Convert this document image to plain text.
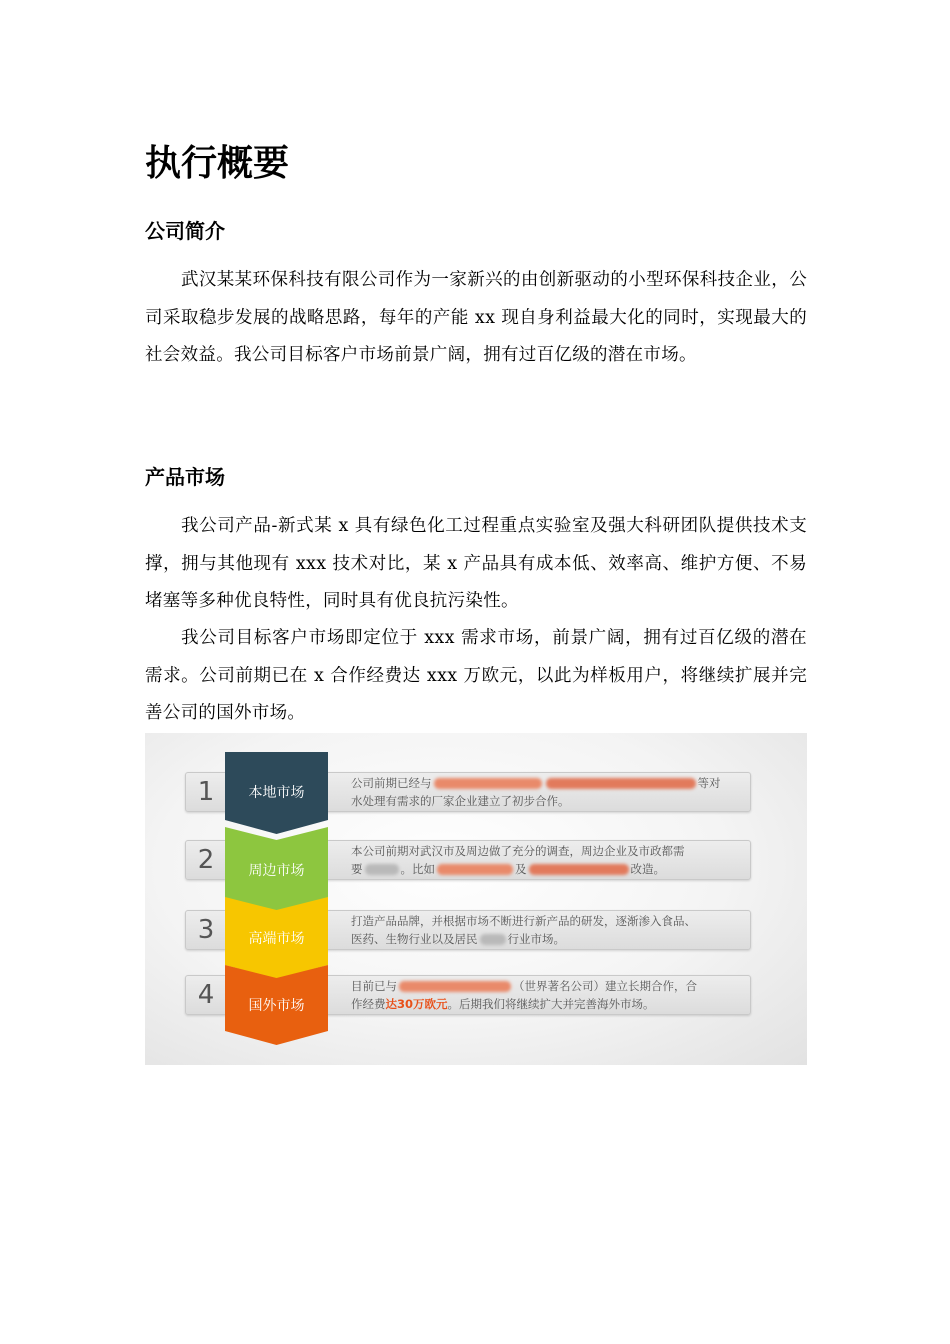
执行概要
公司简介

武汉某某环保科技有限公司作为一家新兴的由创新驱动的小型环保科技企业，公司采取稳步发展的战略思路，每年的产能 xx 现自身利益最大化的同时，实现最大的社会效益。我公司目标客户市场前景广阔，拥有过百亿级的潜在市场。

产品市场

我公司产品-新式某 x 具有绿色化工过程重点实验室及强大科研团队提供技术支撑，拥与其他现有 xxx 技术对比，某 x 产品具有成本低、效率高、维护方便、不易堵塞等多种优良特性，同时具有优良抗污染性。

我公司目标客户市场即定位于 xxx 需求市场，前景广阔，拥有过百亿级的潜在需求。公司前期已在 x 合作经费达 xxx 万欧元，以此为样板用户，将继续扩展并完善公司的国外市场。

1	公司前期已经与	等对
水处理有需求的厂家企业建立了初步合作。
2	本公司前期对武汉市及周边做了充分的调查，周边企业及市政都需
要	。比如	及	改造。
3	打造产品品牌，并根据市场不断进行新产品的研发，逐渐渗入食品、
医药、生物行业以及居民	行业市场。
4	目前已与	（世界著名公司）建立长期合作，合
作经费达30万欧元。后期我们将继续扩大并完善海外市场。
本地市场
周边市场
高端市场
国外市场
